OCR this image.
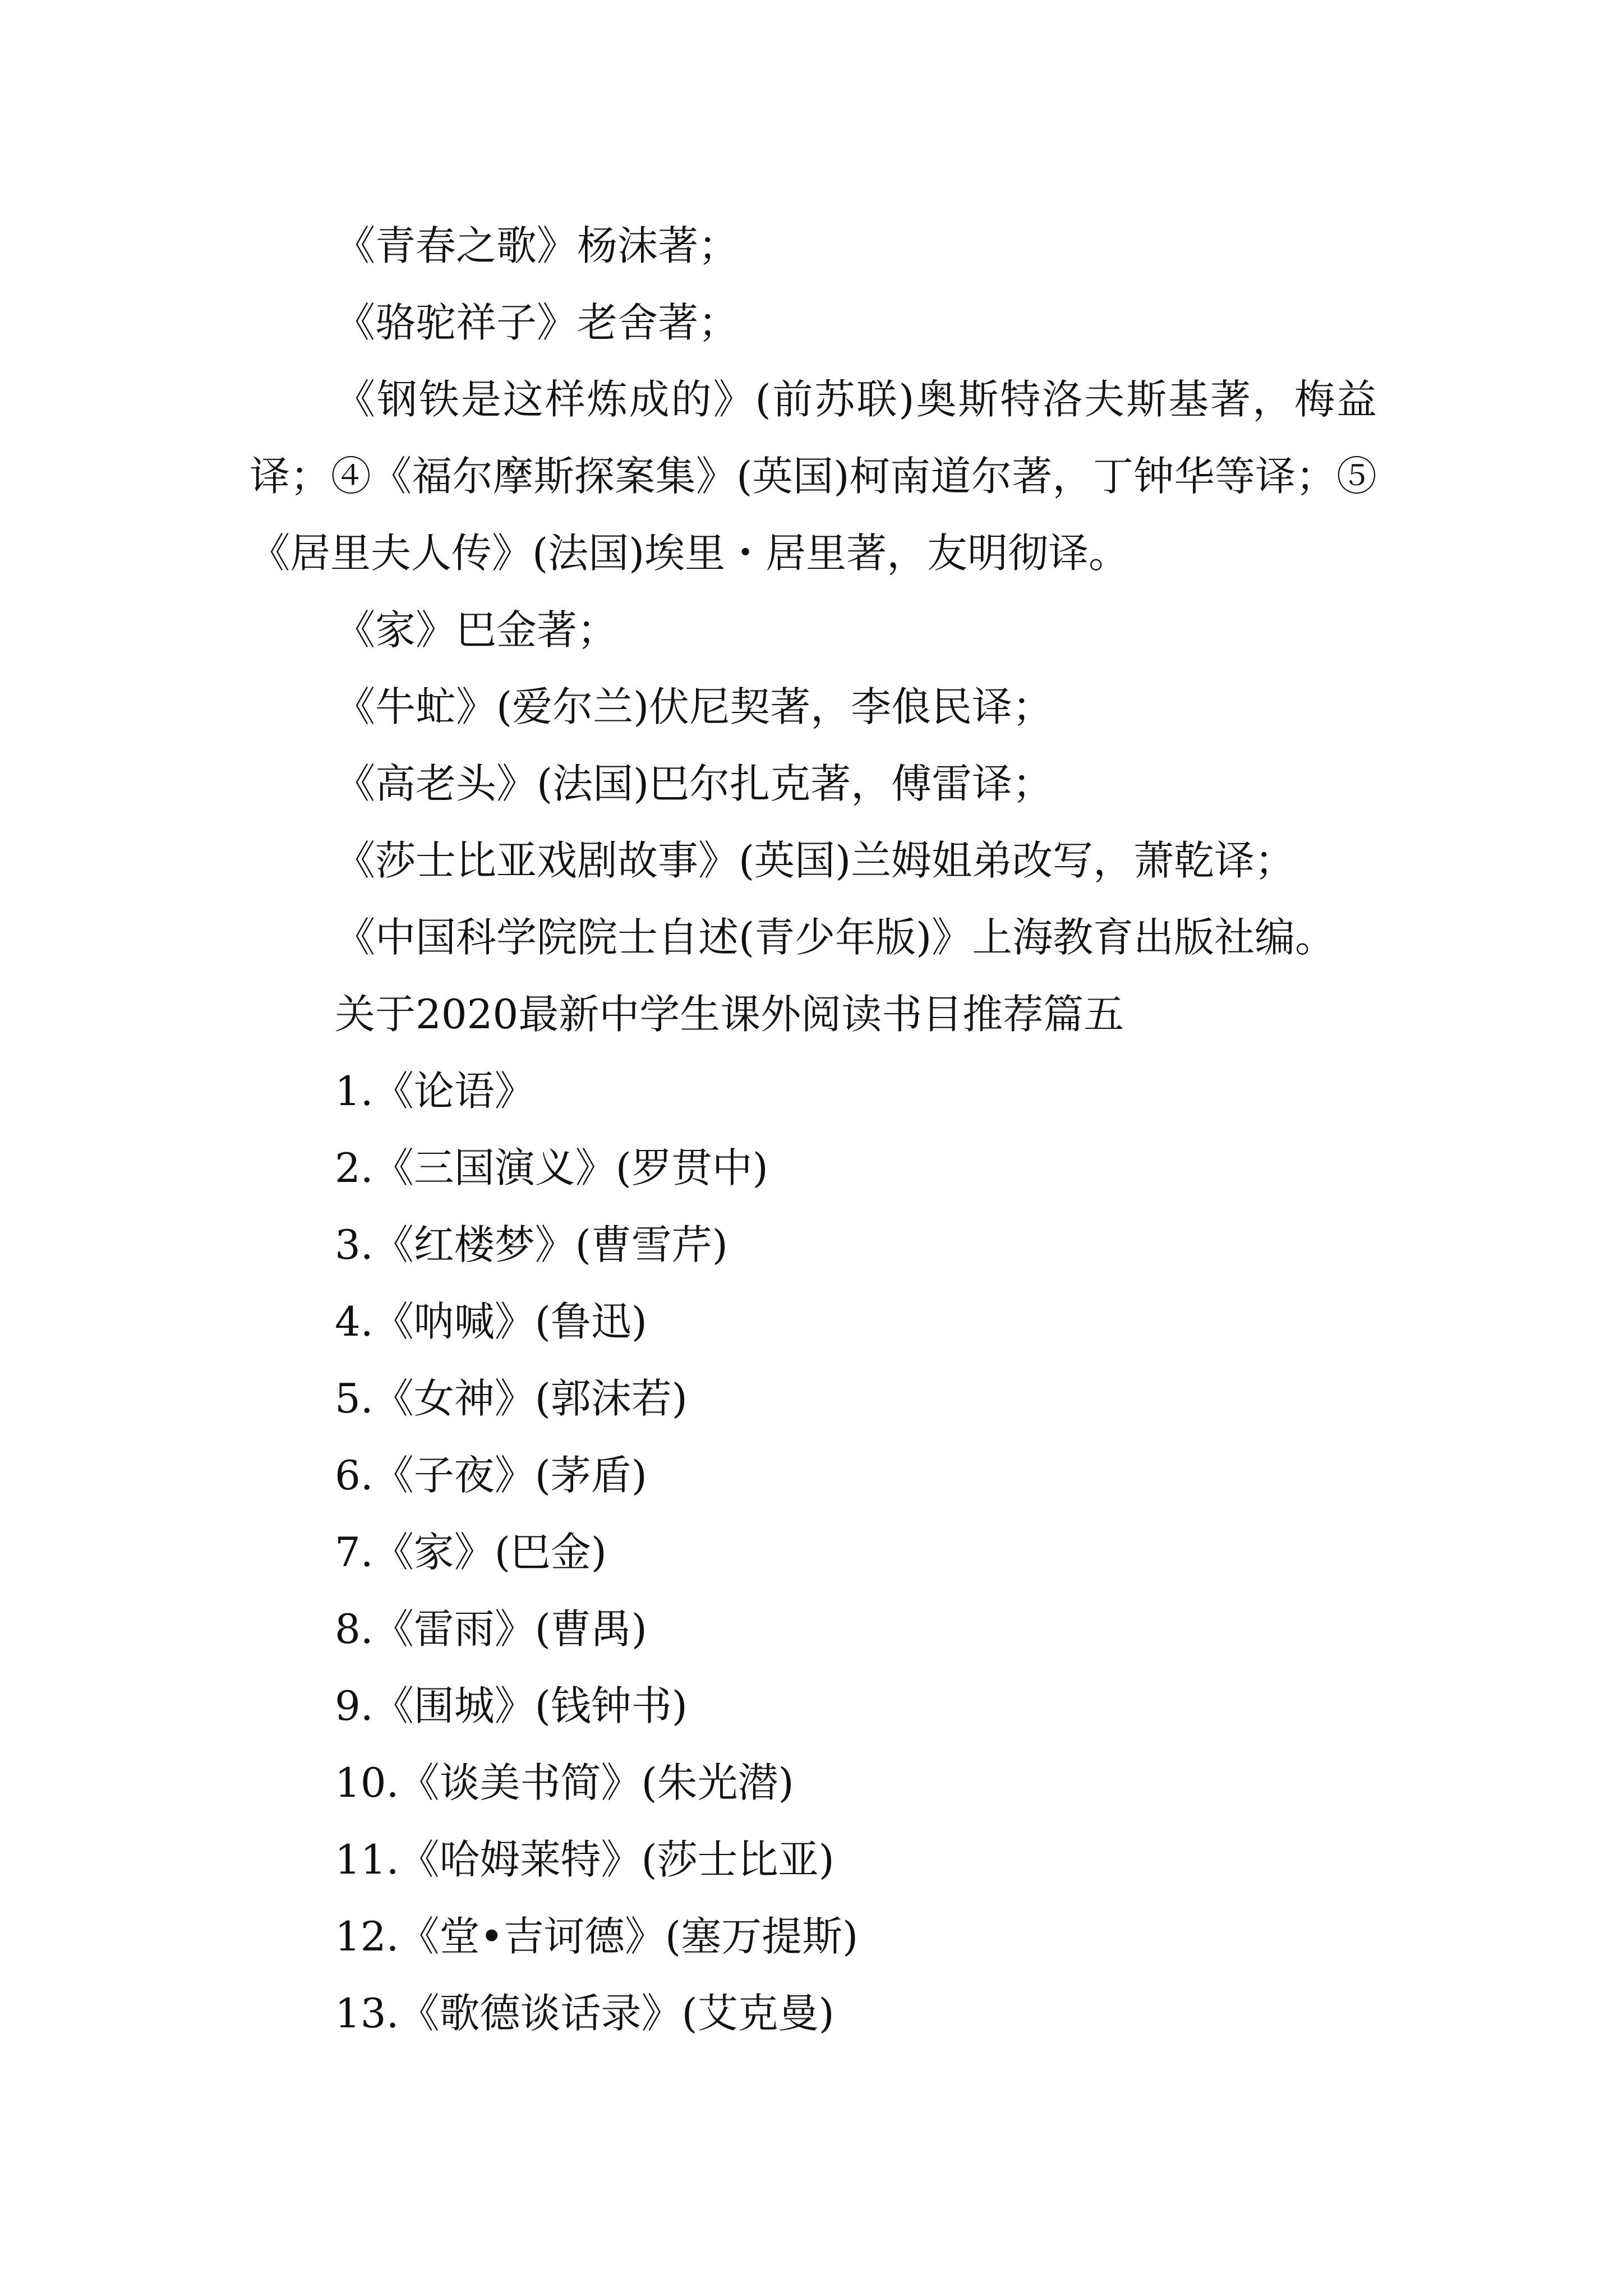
《青春之歌》杨沫著；

《骆驼祥子》老舍著；

《钢铁是这样炼成的》(前苏联)奥斯特洛夫斯基著，梅益译；④《福尔摩斯探案集》(英国)柯南道尔著，丁钟华等译；⑤《居里夫人传》(法国)埃里・居里著，友明彻译。

《家》巴金著；

《牛虻》(爱尔兰)伏尼契著，李俍民译；

《高老头》(法国)巴尔扎克著，傅雷译；

《莎士比亚戏剧故事》(英国)兰姆姐弟改写，萧乾译；

《中国科学院院士自述(青少年版)》上海教育出版社编。

关于2020最新中学生课外阅读书目推荐篇五

1.《论语》

2.《三国演义》(罗贯中)

3.《红楼梦》(曹雪芹)

4.《呐喊》(鲁迅)

5.《女神》(郭沫若)

6.《子夜》(茅盾)

7.《家》(巴金)

8.《雷雨》(曹禺)

9.《围城》(钱钟书)

10.《谈美书简》(朱光潜)

11.《哈姆莱特》(莎士比亚)

12.《堂•吉诃德》(塞万提斯)

13.《歌德谈话录》(艾克曼)
